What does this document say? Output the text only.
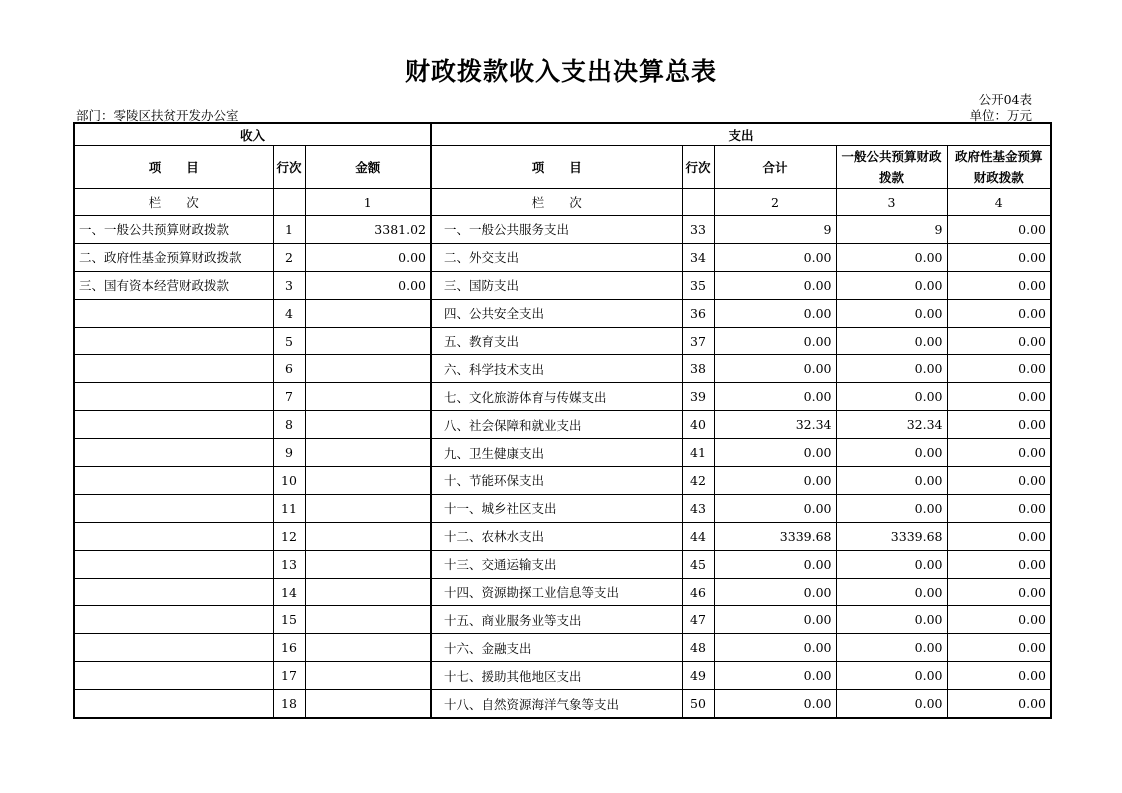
财政拨款收入支出决算总表
公开04表
单位：万元
部门：零陵区扶贫开发办公室
收入			支出				
项　　目	行次	金额	项　　目	行次	合计	一般公共预算财政拨款	政府性基金预算财政拨款
栏　　次		1	栏　　次		2	3	4
一、一般公共预算财政拨款	1	3381.02	一、一般公共服务支出	33	9	9	0.00
二、政府性基金预算财政拨款	2	0.00	二、外交支出	34	0.00	0.00	0.00
三、国有资本经营财政拨款	3	0.00	三、国防支出	35	0.00	0.00	0.00
	4		四、公共安全支出	36	0.00	0.00	0.00
	5		五、教育支出	37	0.00	0.00	0.00
	6		六、科学技术支出	38	0.00	0.00	0.00
	7		七、文化旅游体育与传媒支出	39	0.00	0.00	0.00
	8		八、社会保障和就业支出	40	32.34	32.34	0.00
	9		九、卫生健康支出	41	0.00	0.00	0.00
	10		十、节能环保支出	42	0.00	0.00	0.00
	11		十一、城乡社区支出	43	0.00	0.00	0.00
	12		十二、农林水支出	44	3339.68	3339.68	0.00
	13		十三、交通运输支出	45	0.00	0.00	0.00
	14		十四、资源勘探工业信息等支出	46	0.00	0.00	0.00
	15		十五、商业服务业等支出	47	0.00	0.00	0.00
	16		十六、金融支出	48	0.00	0.00	0.00
	17		十七、援助其他地区支出	49	0.00	0.00	0.00
	18		十八、自然资源海洋气象等支出	50	0.00	0.00	0.00
